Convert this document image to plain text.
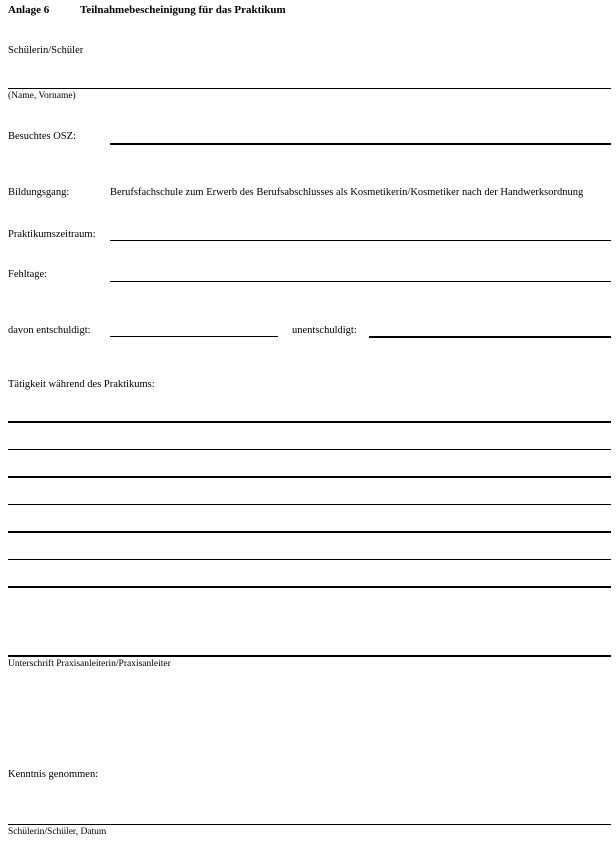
Anlage 6	Teilnahmebescheinigung für das Praktikum
Schülerin/Schüler
(Name, Vorname)
Besuchtes OSZ:
Bildungsgang:	Berufsfachschule zum Erwerb des Berufsabschlusses als Kosmetikerin/Kosmetiker nach der Handwerksordnung
Praktikumszeitraum:
Fehltage:
davon entschuldigt:	unentschuldigt:
Tätigkeit während des Praktikums:
Unterschrift Praxisanleiterin/Praxisanleiter
Kenntnis genommen:
Schülerin/Schüler, Datum
